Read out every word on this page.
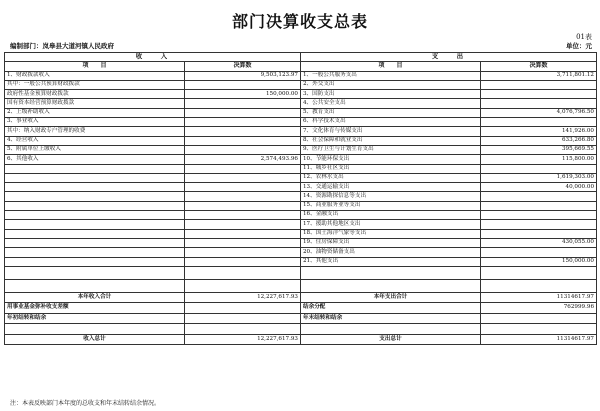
部门决算收支总表
01表
编制部门：岚皋县大道河镇人民政府	单位：元
收　　入		支　　出	
项　　目	决算数	项　　目	决算数
1、财政拨款收入	9,503,123.97	1、一般公共服务支出	3,711,801.12
其中：一般公共预算财政拨款		2、外交支出	
政府性基金预算财政拨款	150,000.00	3、国防支出	
国有资本经营预算财政拨款		4、公共安全支出	
2、上级补助收入		5、教育支出	4,076,796.50
3、事业收入		6、科学技术支出	
其中：纳入财政专户管理的收费		7、文化体育与传媒支出	141,926.00
4、经营收入		8、社会保障和就业支出	633,266.80
5、附属单位上缴收入		9、医疗卫生与计划生育支出	395,669.55
6、其他收入	2,574,493.96	10、节能环保支出	115,800.00
		11、城乡社区支出	
		12、农林水支出	1,619,303.00
		13、交通运输支出	40,000.00
		14、资源勘探信息等支出	
		15、商业服务业等支出	
		16、金融支出	
		17、援助其他地区支出	
		18、国土海洋气象等支出	
		19、住房保障支出	430,055.00
		20、油物资储备支出	
		21、其他支出	150,000.00

本年收入合计	12,227,617.93	本年支出合计	11314617.97
用事业基金弥补收支差额		结余分配	762999.96
年初结转和结余		年末结转和结余	

收入总计	12,227,617.93	支出总计	11314617.97
注：本表反映部门本年度的总收支和年末结转结余情况。
